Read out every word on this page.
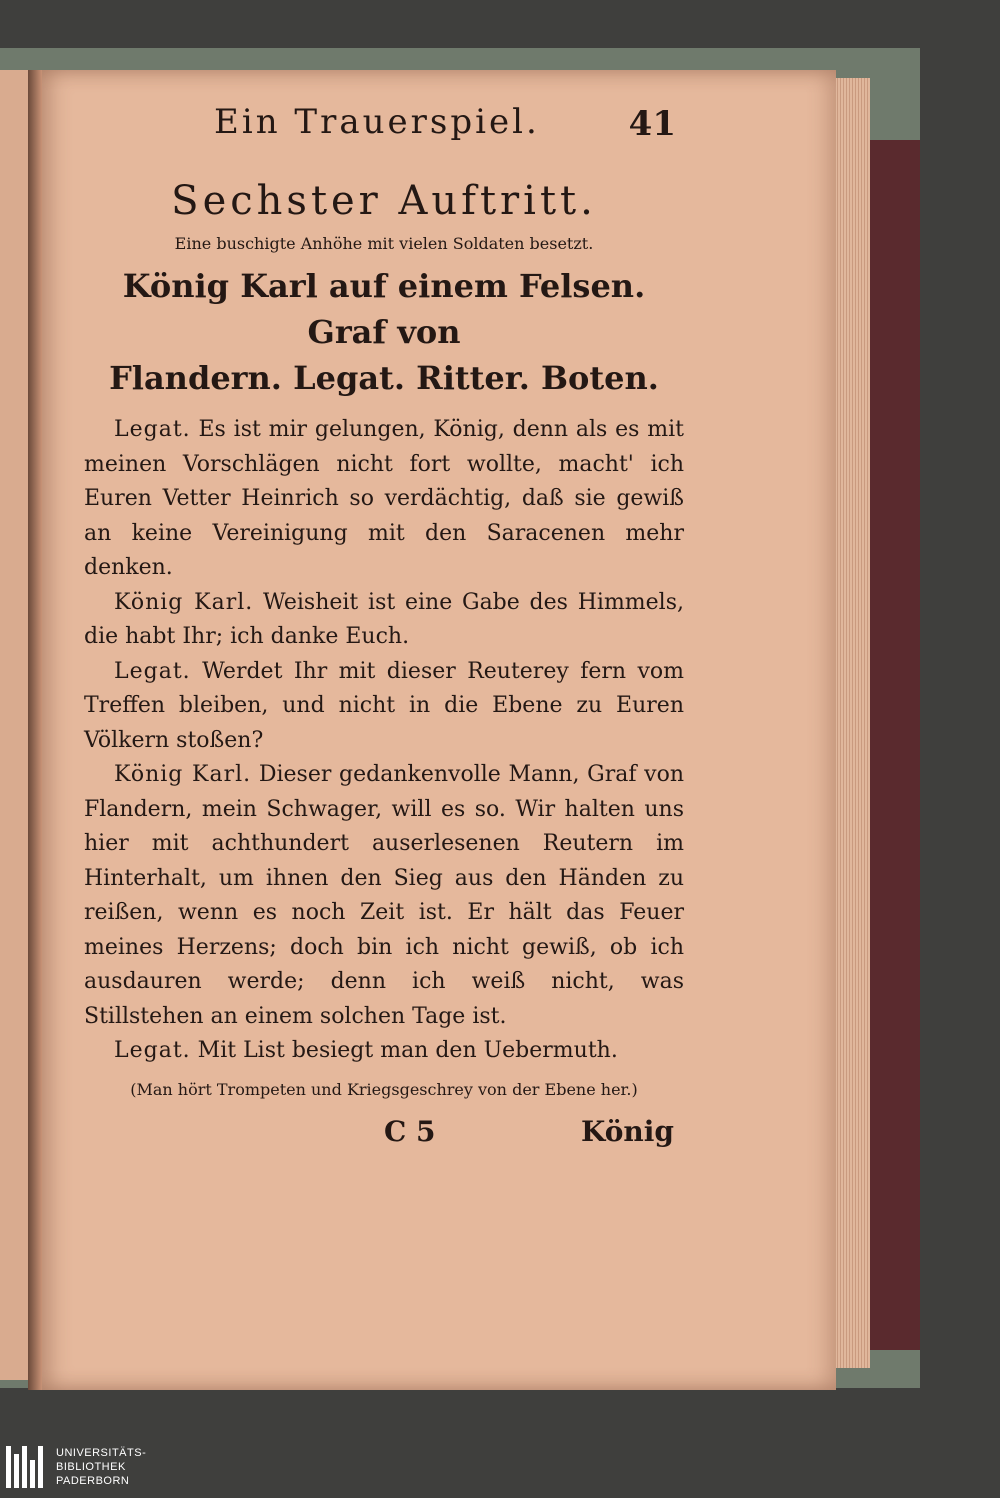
Ein Trauerspiel.	41
Sechster Auftritt.
Eine buschigte Anhöhe mit vielen Soldaten besetzt.
König Karl auf einem Felsen. Graf von
Flandern. Legat. Ritter. Boten.

Legat. Es ist mir gelungen, König, denn als es mit meinen Vorschlägen nicht fort wollte, macht' ich Euren Vetter Heinrich so verdächtig, daß sie gewiß an keine Vereinigung mit den Saracenen mehr denken.

König Karl. Weisheit ist eine Gabe des Himmels, die habt Ihr; ich danke Euch.

Legat. Werdet Ihr mit dieser Reuterey fern vom Treffen bleiben, und nicht in die Ebene zu Euren Völkern stoßen?

König Karl. Dieser gedankenvolle Mann, Graf von Flandern, mein Schwager, will es so. Wir halten uns hier mit achthundert auserlesenen Reutern im Hinterhalt, um ihnen den Sieg aus den Händen zu reißen, wenn es noch Zeit ist. Er hält das Feuer meines Herzens; doch bin ich nicht gewiß, ob ich ausdauren werde; denn ich weiß nicht, was Stillstehen an einem solchen Tage ist.

Legat. Mit List besiegt man den Uebermuth.

(Man hört Trompeten und Kriegsgeschrey von der Ebene her.)
C 5	König
UNIVERSITÄTS-
BIBLIOTHEK
PADERBORN
